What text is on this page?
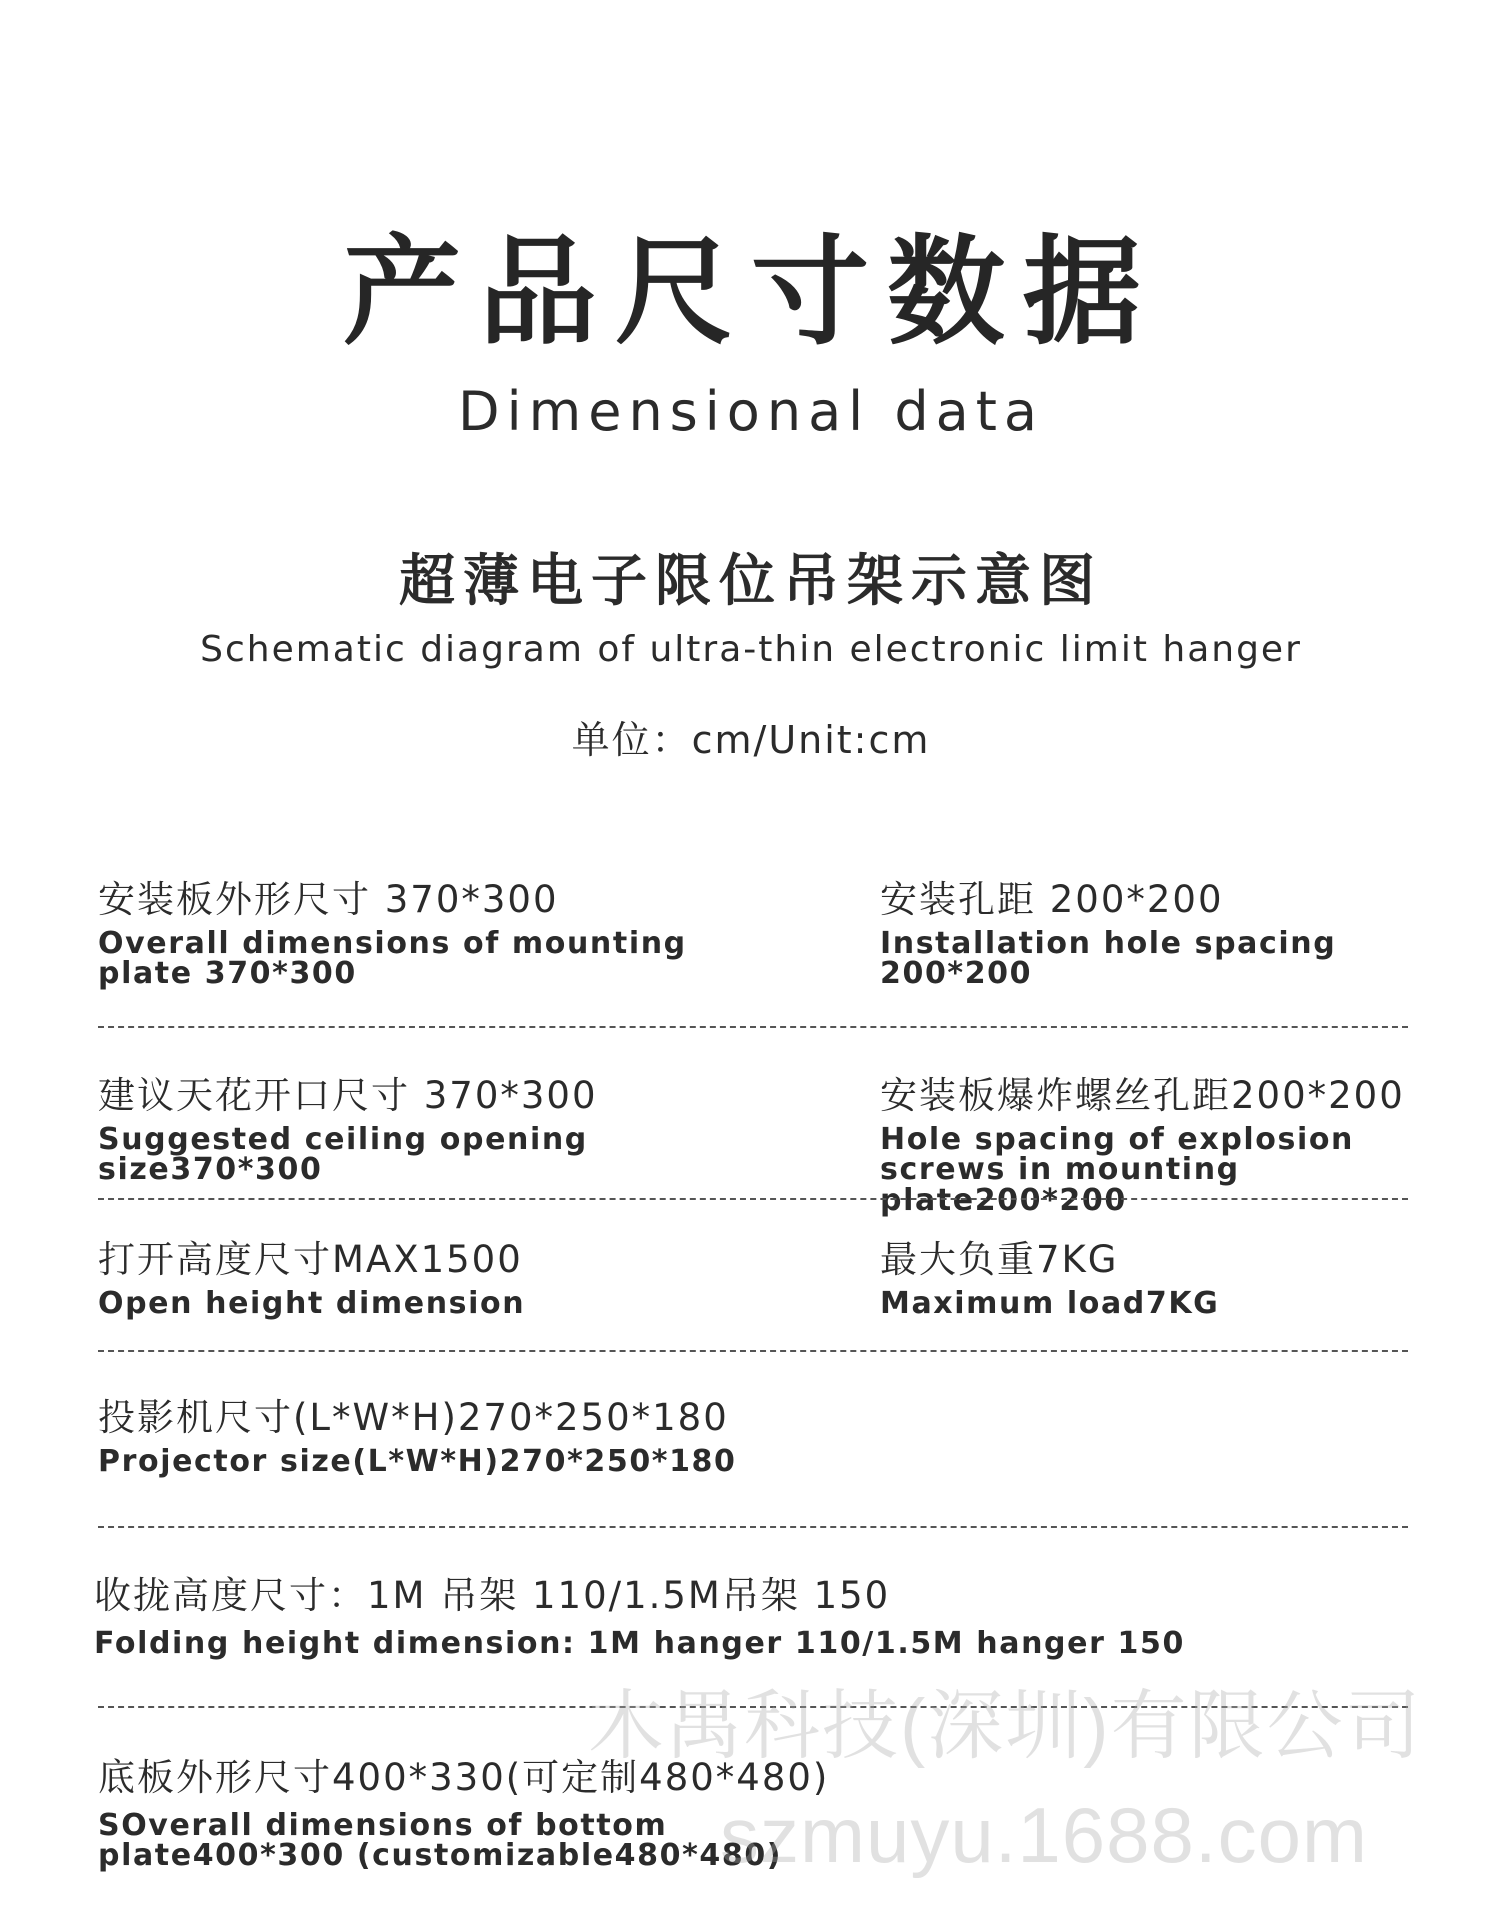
产品尺寸数据
Dimensional data
超薄电子限位吊架示意图
Schematic diagram of ultra-thin electronic limit hanger
单位：cm/Unit:cm
安装板外形尺寸 370*300
Overall dimensions of mounting plate 370*300
安装孔距 200*200
Installation hole spacing 200*200
建议天花开口尺寸 370*300
Suggested ceiling opening size370*300
安装板爆炸螺丝孔距200*200
Hole spacing of explosion screws in mounting plate200*200
打开高度尺寸MAX1500
Open height dimension
最大负重7KG
Maximum load7KG
投影机尺寸(L*W*H)270*250*180
Projector size(L*W*H)270*250*180
收拢高度尺寸：1M 吊架 110/1.5M吊架 150
Folding height dimension: 1M hanger 110/1.5M hanger 150
底板外形尺寸400*330(可定制480*480)
SOverall dimensions of bottom plate400*300 (customizable480*480)
木禺科技(深圳)有限公司
szmuyu.1688.com
